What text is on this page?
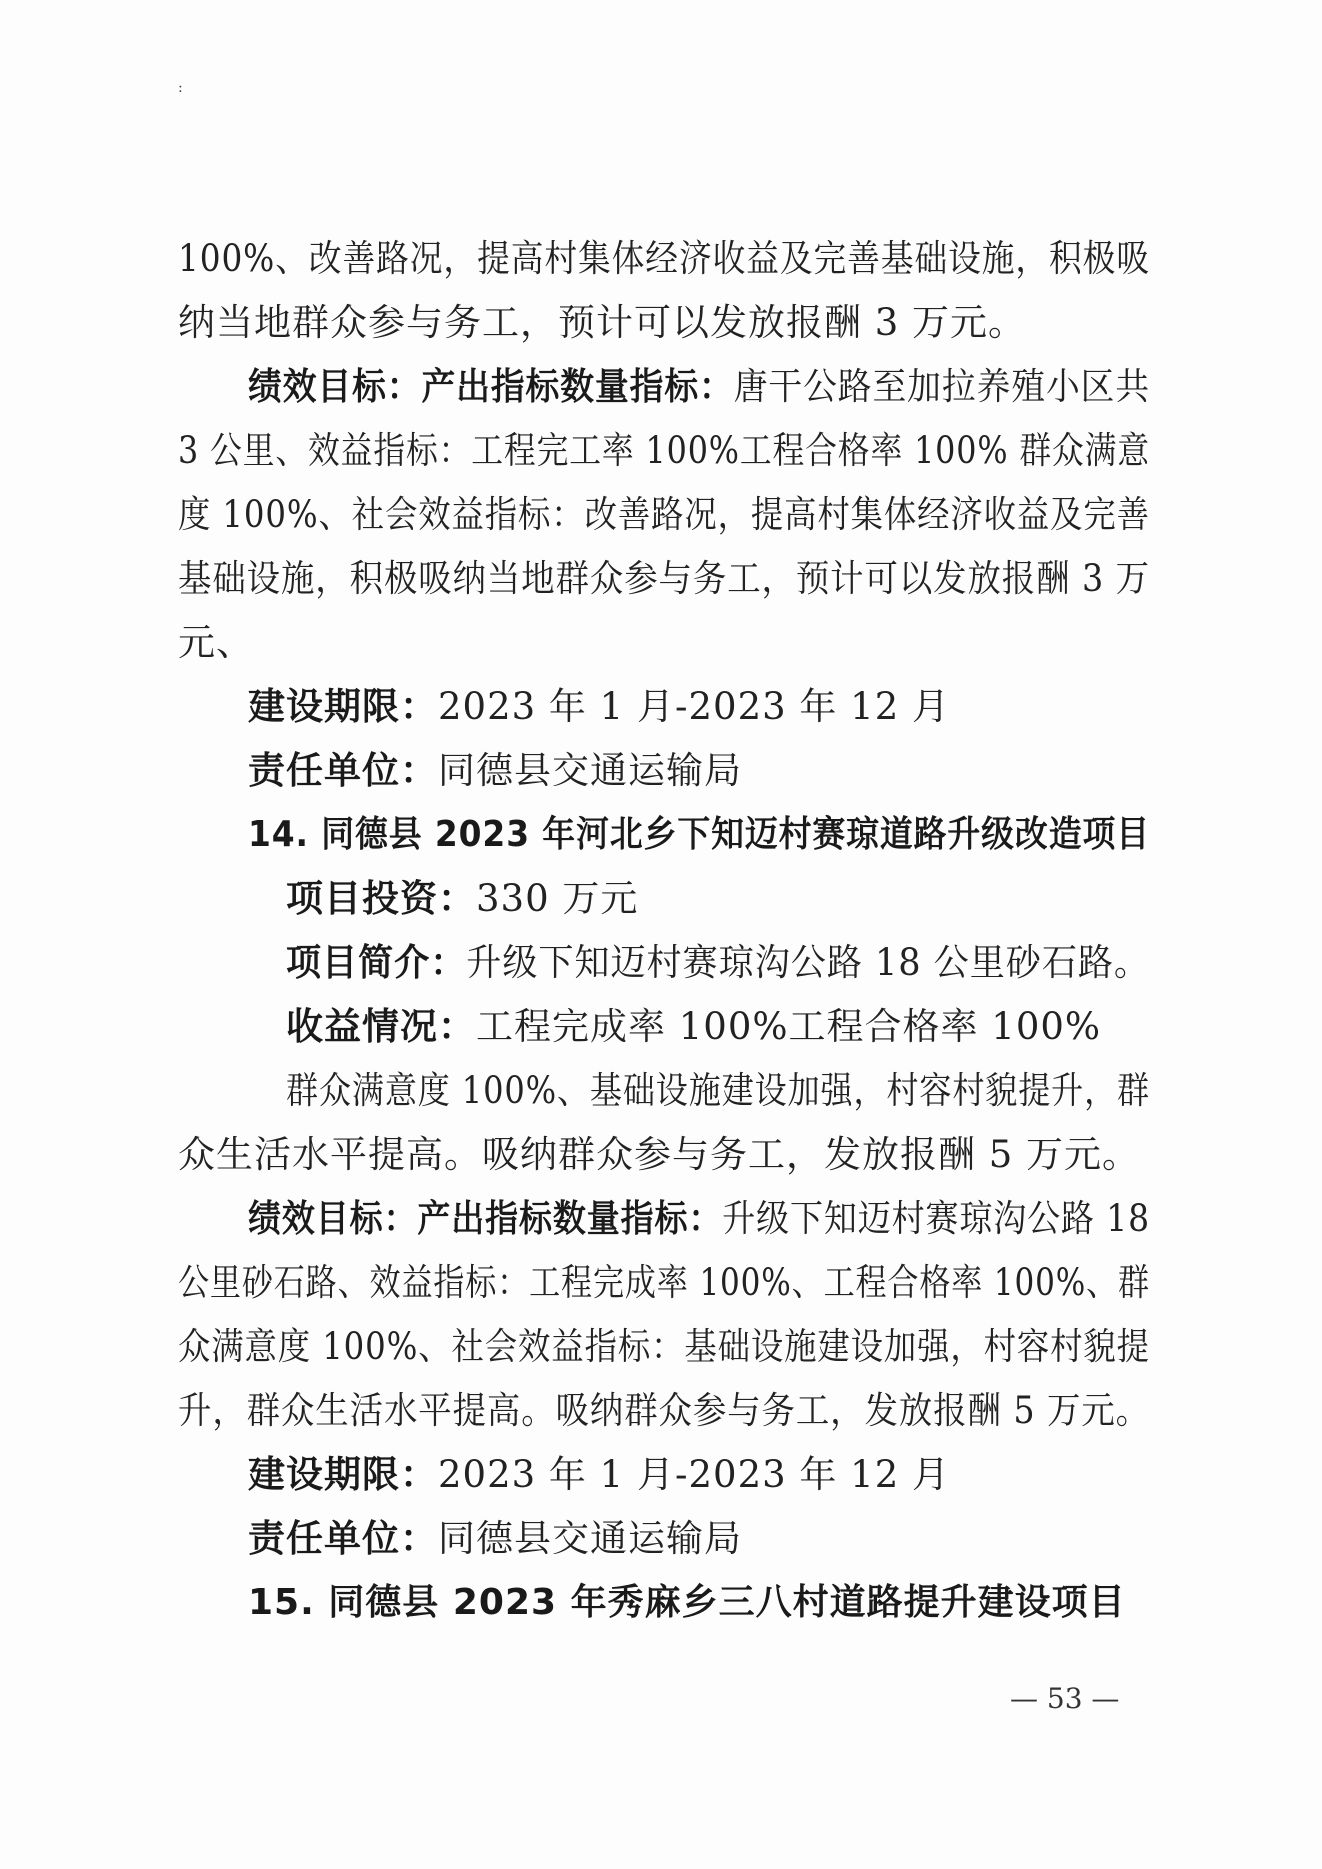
:
100%、改善路况，提高村集体经济收益及完善基础设施，积极吸
纳当地群众参与务工，预计可以发放报酬 3 万元。
绩效目标：产出指标数量指标：唐干公路至加拉养殖小区共
3 公里、效益指标：工程完工率 100%工程合格率 100% 群众满意
度 100%、社会效益指标：改善路况，提高村集体经济收益及完善
基础设施，积极吸纳当地群众参与务工，预计可以发放报酬 3 万
元、
建设期限：2023 年 1 月-2023 年 12 月
责任单位：同德县交通运输局
14. 同德县 2023 年河北乡下知迈村赛琼道路升级改造项目
项目投资：330 万元
项目简介：升级下知迈村赛琼沟公路 18 公里砂石路。
收益情况：工程完成率 100%工程合格率 100%
群众满意度 100%、基础设施建设加强，村容村貌提升，群
众生活水平提高。吸纳群众参与务工，发放报酬 5 万元。
绩效目标：产出指标数量指标：升级下知迈村赛琼沟公路 18
公里砂石路、效益指标：工程完成率 100%、工程合格率 100%、群
众满意度 100%、社会效益指标：基础设施建设加强，村容村貌提
升，群众生活水平提高。吸纳群众参与务工，发放报酬 5 万元。
建设期限：2023 年 1 月-2023 年 12 月
责任单位：同德县交通运输局
15. 同德县 2023 年秀麻乡三八村道路提升建设项目
— 53 —
